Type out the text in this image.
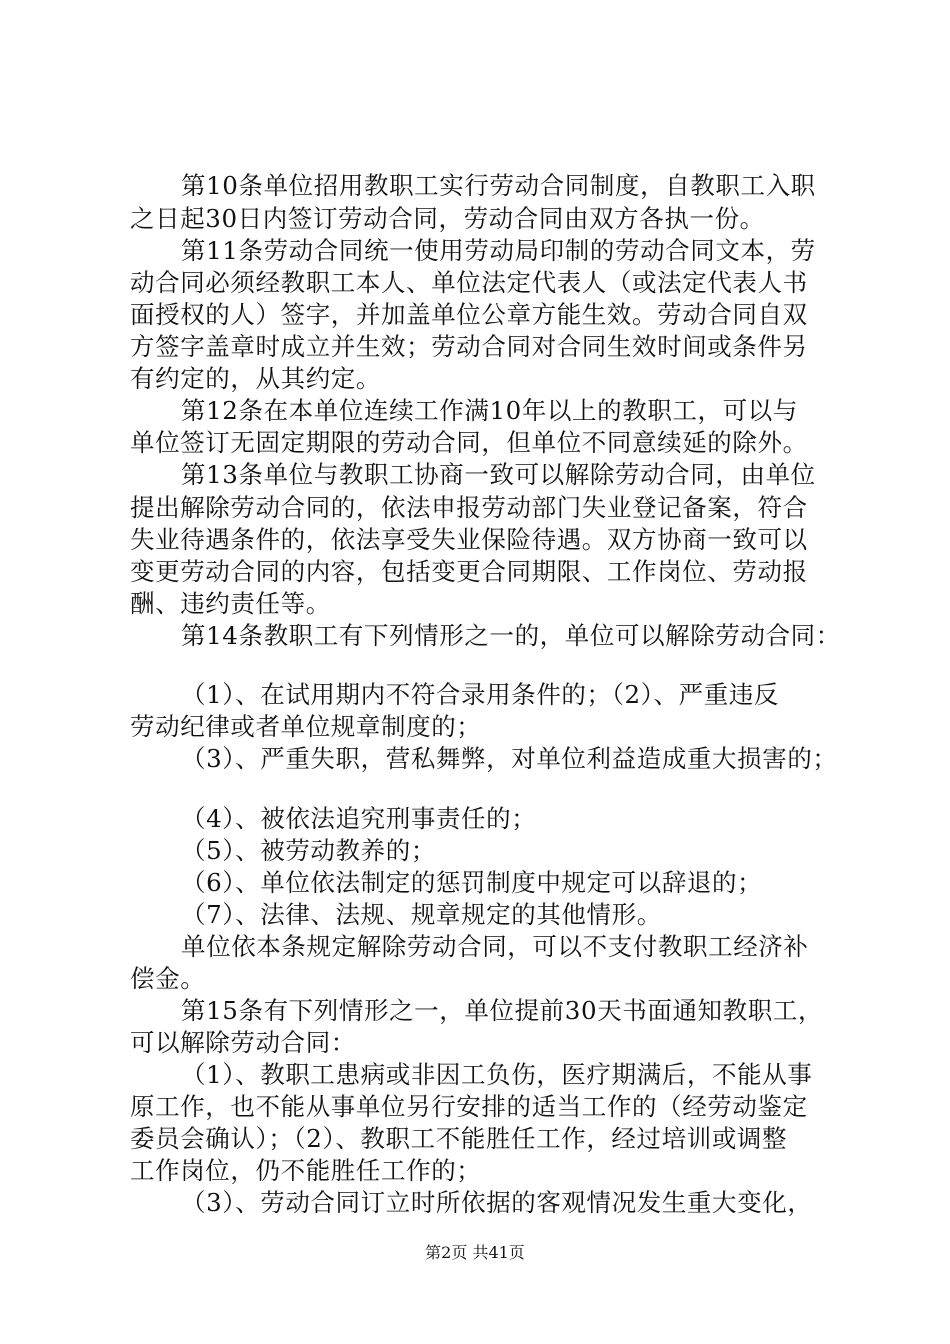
第10条单位招用教职工实行劳动合同制度，自教职工入职
之日起30日内签订劳动合同，劳动合同由双方各执一份。
第11条劳动合同统一使用劳动局印制的劳动合同文本，劳
动合同必须经教职工本人、单位法定代表人（或法定代表人书
面授权的人）签字，并加盖单位公章方能生效。劳动合同自双
方签字盖章时成立并生效；劳动合同对合同生效时间或条件另
有约定的，从其约定。
第12条在本单位连续工作满10年以上的教职工，可以与
单位签订无固定期限的劳动合同，但单位不同意续延的除外。
第13条单位与教职工协商一致可以解除劳动合同，由单位
提出解除劳动合同的，依法申报劳动部门失业登记备案，符合
失业待遇条件的，依法享受失业保险待遇。双方协商一致可以
变更劳动合同的内容，包括变更合同期限、工作岗位、劳动报
酬、违约责任等。
第14条教职工有下列情形之一的，单位可以解除劳动合同：
（1）、在试用期内不符合录用条件的；（2）、严重违反
劳动纪律或者单位规章制度的；
（3）、严重失职，营私舞弊，对单位利益造成重大损害的；
（4）、被依法追究刑事责任的；
（5）、被劳动教养的；
（6）、单位依法制定的惩罚制度中规定可以辞退的；
（7）、法律、法规、规章规定的其他情形。
单位依本条规定解除劳动合同，可以不支付教职工经济补
偿金。
第15条有下列情形之一，单位提前30天书面通知教职工，
可以解除劳动合同：
（1）、教职工患病或非因工负伤，医疗期满后，不能从事
原工作，也不能从事单位另行安排的适当工作的（经劳动鉴定
委员会确认）；（2）、教职工不能胜任工作，经过培训或调整
工作岗位，仍不能胜任工作的；
（3）、劳动合同订立时所依据的客观情况发生重大变化，
第2页 共41页
